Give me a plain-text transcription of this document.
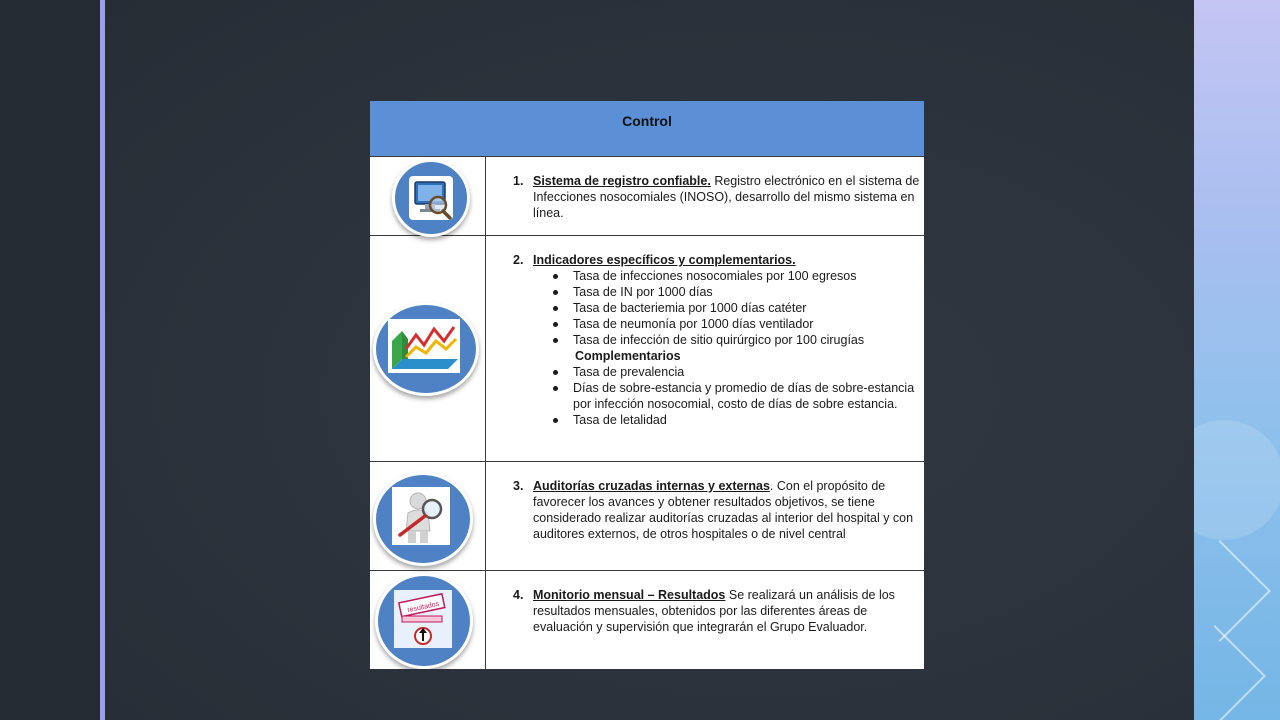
Control
1. Sistema de registro confiable. Registro electrónico en el sistema de Infecciones nosocomiales (INOSO), desarrollo del mismo sistema en línea.
2. Indicadores específicos y complementarios.
Tasa de infecciones nosocomiales por 100 egresos
Tasa de IN por 1000 días
Tasa de bacteriemia por 1000 días catéter
Tasa de neumonía por 1000 días ventilador
Tasa de infección de sitio quirúrgico por 100 cirugías
Complementarios
Tasa de prevalencia
Días de sobre-estancia y promedio de días de sobre-estancia por infección nosocomial, costo de días de sobre estancia.
Tasa de letalidad
3. Auditorías cruzadas internas y externas. Con el propósito de favorecer los avances y obtener resultados objetivos, se tiene considerado realizar auditorías cruzadas al interior del hospital y con auditores externos, de otros hospitales o de nivel central
resultados
4. Monitorio mensual – Resultados Se realizará un análisis de los resultados mensuales, obtenidos por las diferentes áreas de evaluación y supervisión que integrarán el Grupo Evaluador.
